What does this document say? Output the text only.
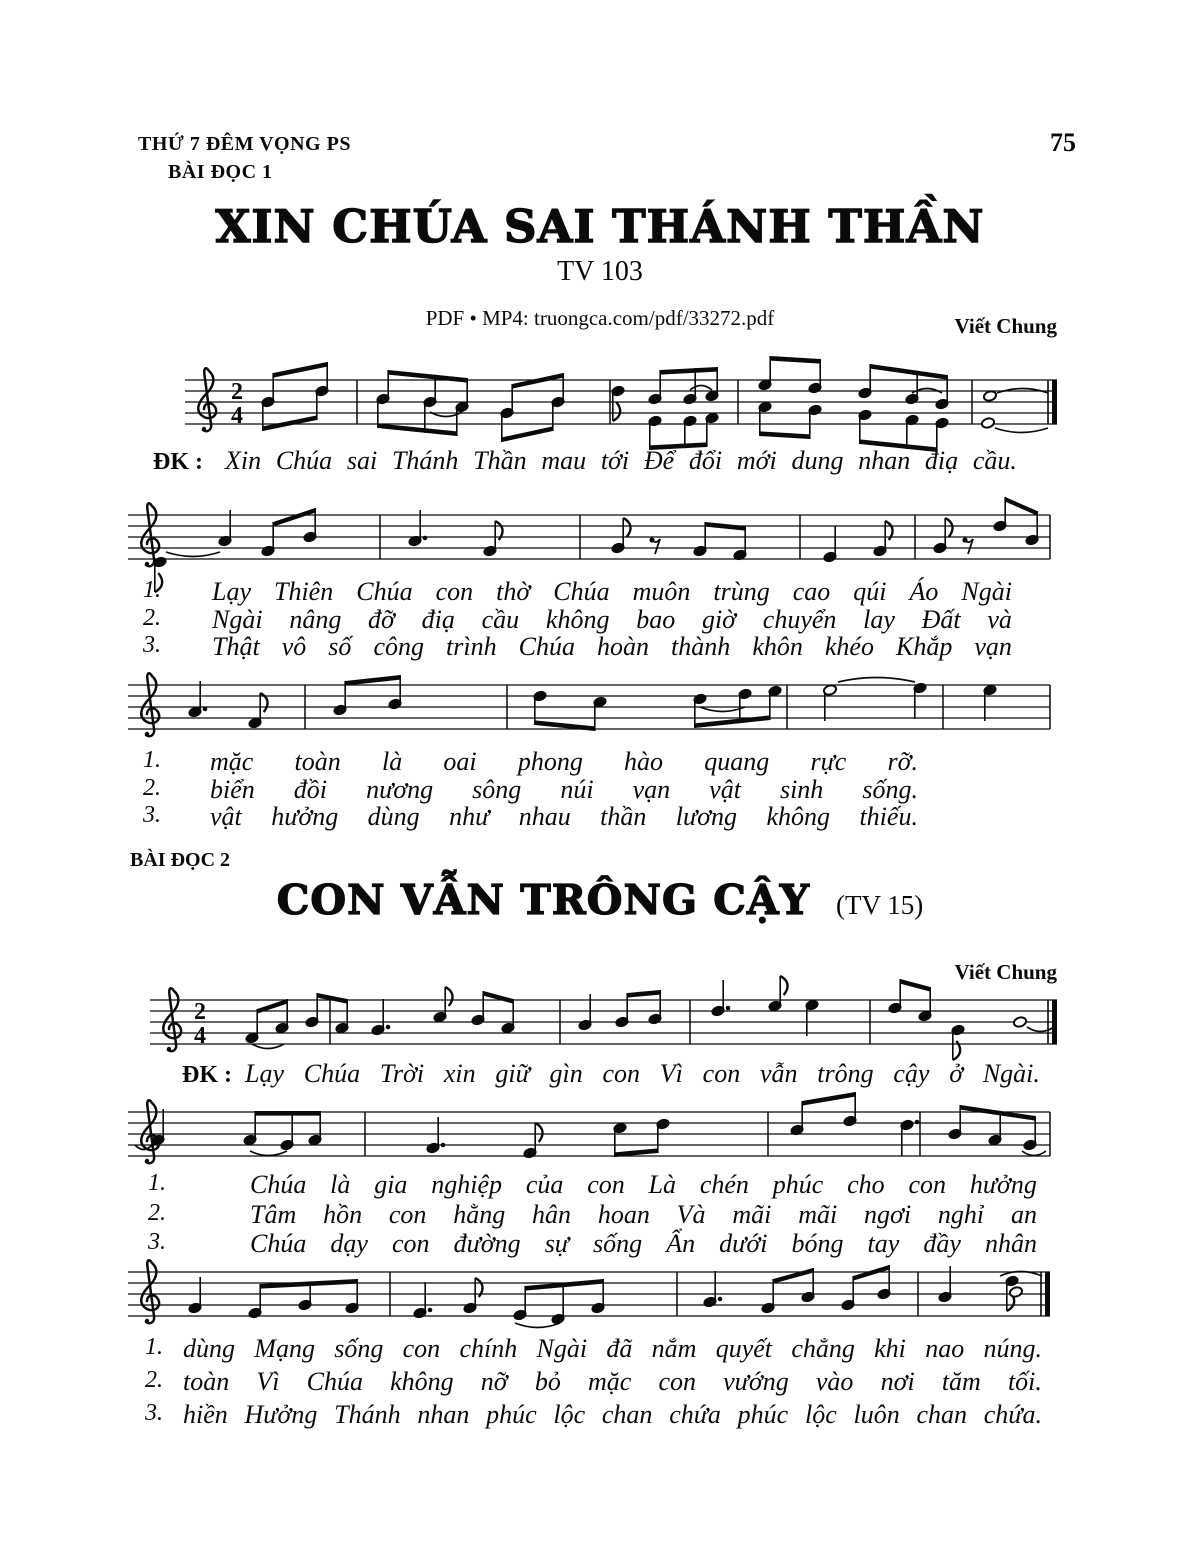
2
4
2
4
THỨ 7 ĐÊM VỌNG PS
BÀI ĐỌC 1
75
XIN CHÚA SAI THÁNH THẦN
TV 103
PDF • MP4: truongca.com/pdf/33272.pdf	Viết Chung
ĐK : Xin Chúa sai Thánh Thần mau tới Để đổi mới dung nhan điạ cầu.
1. Lạy Thiên Chúa con thờ Chúa muôn trùng cao qúi Áo Ngài
2. Ngài nâng đỡ điạ cầu không bao giờ chuyển lay Đất và
3. Thật vô số công trình Chúa hoàn thành khôn khéo Khắp vạn
1. mặc toàn là oai phong hào quang rực rỡ.
2. biển đồi nương sông núi vạn vật sinh sống.
3. vật hưởng dùng như nhau thần lương không thiếu.
BÀI ĐỌC 2
CON VẪN TRÔNG CẬY (TV 15)
Viết Chung
ĐK : Lạy Chúa Trời xin giữ gìn con Vì con vẫn trông cậy ở Ngài.
1.	Chúa là gia nghiệp của con Là chén phúc cho con hưởng
2.	Tâm hồn con hằng hân hoan Và mãi mãi ngơi nghỉ an
3.	Chúa dạy con đường sự sống Ẩn dưới bóng tay đầy nhân
1. dùng Mạng sống con chính Ngài đã nắm quyết chẳng khi nao núng.
2. toàn Vì Chúa không nỡ bỏ mặc con vướng vào nơi tăm tối.
3. hiền Hưởng Thánh nhan phúc lộc chan chứa phúc lộc luôn chan chứa.
